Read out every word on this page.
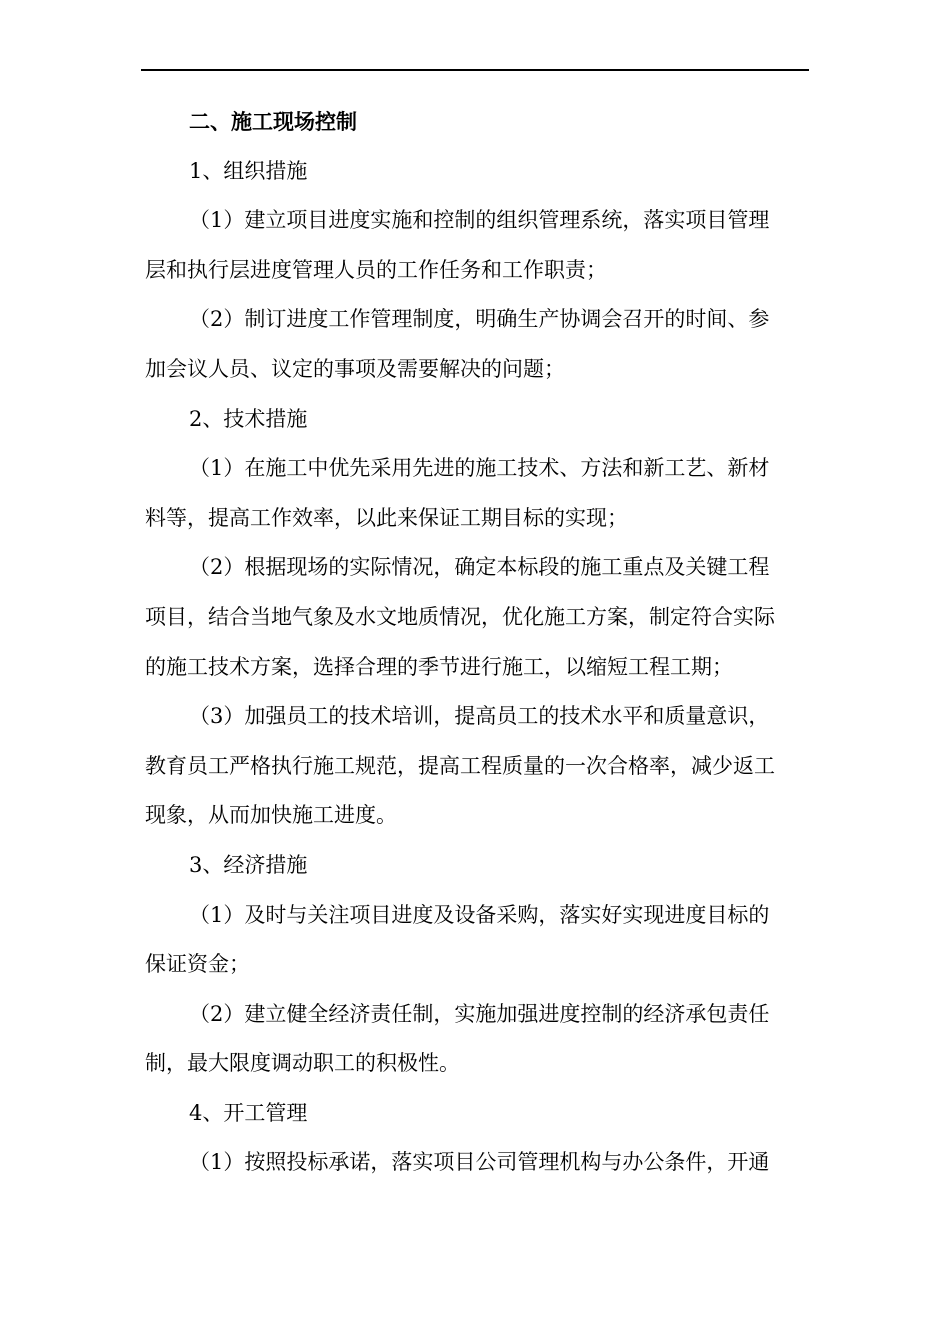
二、施工现场控制
1、组织措施
（1）建立项目进度实施和控制的组织管理系统，落实项目管理
层和执行层进度管理人员的工作任务和工作职责；
（2）制订进度工作管理制度，明确生产协调会召开的时间、参
加会议人员、议定的事项及需要解决的问题；
2、技术措施
（1）在施工中优先采用先进的施工技术、方法和新工艺、新材
料等，提高工作效率，以此来保证工期目标的实现；
（2）根据现场的实际情况，确定本标段的施工重点及关键工程
项目，结合当地气象及水文地质情况，优化施工方案，制定符合实际
的施工技术方案，选择合理的季节进行施工，以缩短工程工期；
（3）加强员工的技术培训，提高员工的技术水平和质量意识，
教育员工严格执行施工规范，提高工程质量的一次合格率，减少返工
现象，从而加快施工进度。
3、经济措施
（1）及时与关注项目进度及设备采购，落实好实现进度目标的
保证资金；
（2）建立健全经济责任制，实施加强进度控制的经济承包责任
制，最大限度调动职工的积极性。
4、开工管理
（1）按照投标承诺，落实项目公司管理机构与办公条件，开通
